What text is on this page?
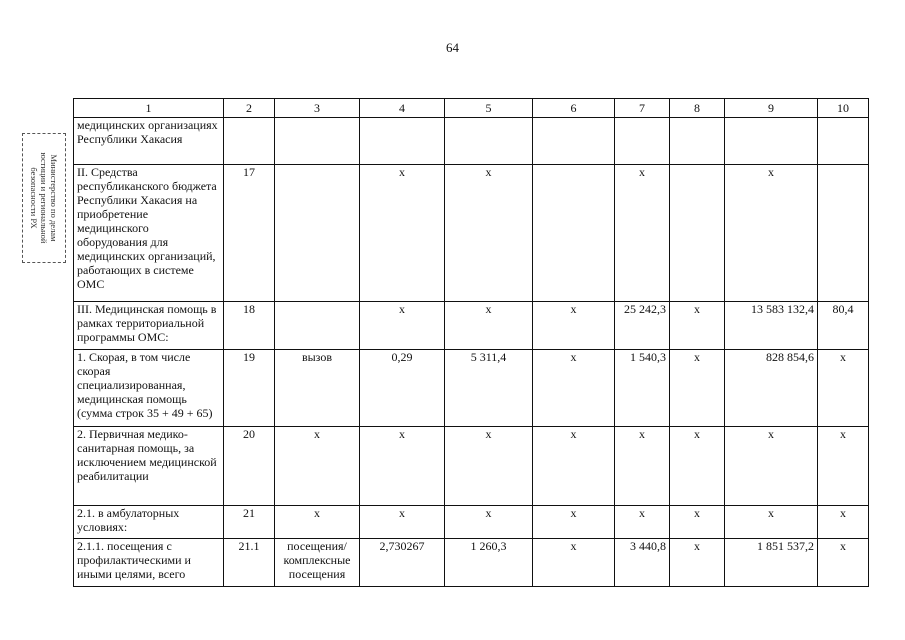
64
Министерство по делам
юстиции и региональной
безопасности РХ
1	2	3	4	5	6	7	8	9	10
медицинских организациях Республики Хакасия									
II. Средства республиканского бюджета Республики Хакасия на приобретение медицинского оборудования для медицинских организаций, работающих в системе ОМС	17		х	х		х		х	
III. Медицинская помощь в рамках территориальной программы ОМС:	18		х	х	х	25 242,3	х	13 583 132,4	80,4
1. Скорая, в том числе скорая специализированная, медицинская помощь (сумма строк 35 + 49 + 65)	19	вызов	0,29	5 311,4	х	1 540,3	х	828 854,6	х
2. Первичная медико-санитарная помощь, за исключением медицинской реабилитации	20	х	х	х	х	х	х	х	х
2.1. в амбулаторных условиях:	21	х	х	х	х	х	х	х	х
2.1.1. посещения с профилактическими и иными целями, всего	21.1	посещения/ комплексные посещения	2,730267	1 260,3	х	3 440,8	х	1 851 537,2	х
